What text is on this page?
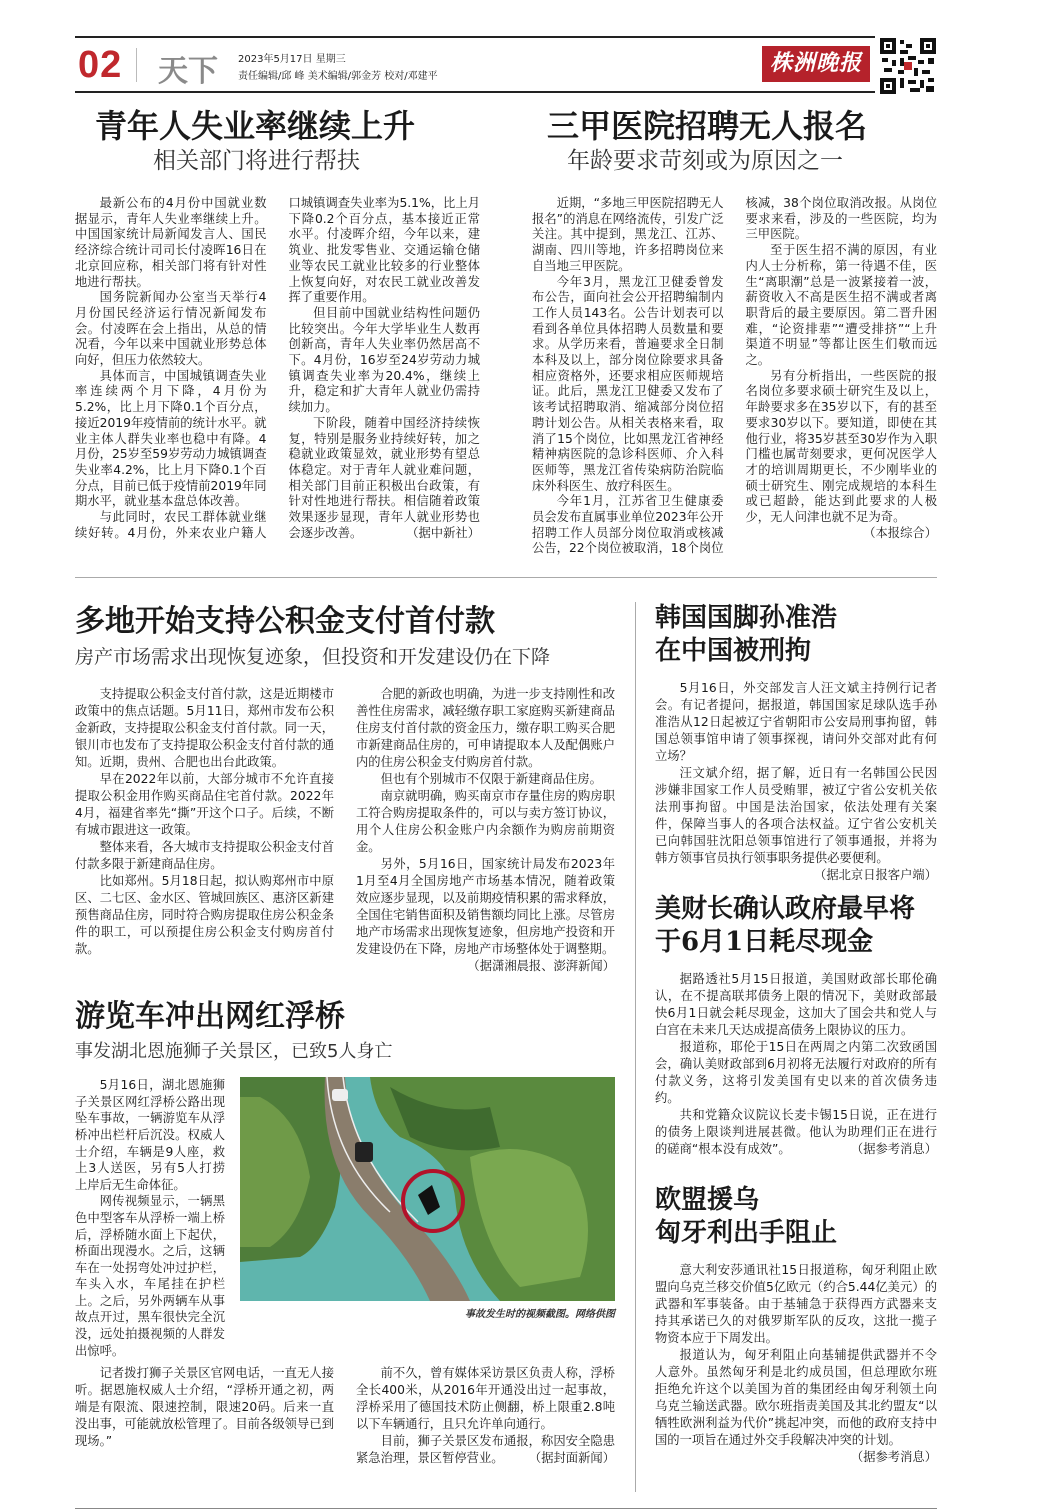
02 天下 2023年5月17日 星期三
责任编辑/邱 峰 美术编辑/郭金芳 校对/邓建平
株洲晚报
青年人失业率继续上升
相关部门将进行帮扶

最新公布的4月份中国就业数据显示，青年人失业率继续上升。中国国家统计局新闻发言人、国民经济综合统计司司长付凌晖16日在北京回应称，相关部门将有针对性地进行帮扶。

国务院新闻办公室当天举行4月份国民经济运行情况新闻发布会。付凌晖在会上指出，从总的情况看，今年以来中国就业形势总体向好，但压力依然较大。

具体而言，中国城镇调查失业率连续两个月下降，4月份为5.2%，比上月下降0.1个百分点，接近2019年疫情前的统计水平。就业主体人群失业率也稳中有降。4月份，25岁至59岁劳动力城镇调查失业率4.2%，比上月下降0.1个百分点，目前已低于疫情前2019年同期水平，就业基本盘总体改善。

与此同时，农民工群体就业继续好转。4月份，外来农业户籍人口城镇调查失业率为5.1%，比上月下降0.2个百分点，基本接近正常水平。付凌晖介绍，今年以来，建筑业、批发零售业、交通运输仓储业等农民工就业比较多的行业整体上恢复向好，对农民工就业改善发挥了重要作用。

但目前中国就业结构性问题仍比较突出。今年大学毕业生人数再创新高，青年人失业率仍然居高不下。4月份，16岁至24岁劳动力城镇调查失业率为20.4%，继续上升，稳定和扩大青年人就业仍需持续加力。

下阶段，随着中国经济持续恢复，特别是服务业持续好转，加之稳就业政策显效，就业形势有望总体稳定。对于青年人就业难问题，相关部门目前正积极出台政策，有针对性地进行帮扶。相信随着政策效果逐步显现，青年人就业形势也会逐步改善。	（据中新社）

三甲医院招聘无人报名
年龄要求苛刻或为原因之一

近期，“多地三甲医院招聘无人报名”的消息在网络流传，引发广泛关注。其中提到，黑龙江、江苏、湖南、四川等地，许多招聘岗位来自当地三甲医院。

今年3月，黑龙江卫健委曾发布公告，面向社会公开招聘编制内工作人员143名。公告计划表可以看到各单位具体招聘人员数量和要求。从学历来看，普遍要求全日制本科及以上，部分岗位除要求具备相应资格外，还要求相应医师规培证。此后，黑龙江卫健委又发布了该考试招聘取消、缩减部分岗位招聘计划公告。从相关表格来看，取消了15个岗位，比如黑龙江省神经精神病医院的急诊科医师、介入科医师等，黑龙江省传染病防治院临床外科医生、放疗科医生。

今年1月，江苏省卫生健康委员会发布直属事业单位2023年公开招聘工作人员部分岗位取消或核减公告，22个岗位被取消，18个岗位核减，38个岗位取消改报。从岗位要求来看，涉及的一些医院，均为三甲医院。

至于医生招不满的原因，有业内人士分析称，第一待遇不佳，医生“离职潮”总是一波紧接着一波，薪资收入不高是医生招不满或者离职背后的最主要原因。第二晋升困难，“论资排辈”“遭受排挤”“上升渠道不明显”等都让医生们敬而远之。

另有分析指出，一些医院的报名岗位多要求硕士研究生及以上，年龄要求多在35岁以下，有的甚至要求30岁以下。要知道，即使在其他行业，将35岁甚至30岁作为入职门槛也属苛刻要求，更何况医学人才的培训周期更长，不少刚毕业的硕士研究生、刚完成规培的本科生或已超龄，能达到此要求的人极少，无人问津也就不足为奇。
（本报综合）

多地开始支持公积金支付首付款
房产市场需求出现恢复迹象，但投资和开发建设仍在下降

支持提取公积金支付首付款，这是近期楼市政策中的焦点话题。5月11日，郑州市发布公积金新政，支持提取公积金支付首付款。同一天，银川市也发布了支持提取公积金支付首付款的通知。近期，贵州、合肥也出台此政策。

早在2022年以前，大部分城市不允许直接提取公积金用作购买商品住宅首付款。2022年4月，福建省率先“撕”开这个口子。后续，不断有城市跟进这一政策。

整体来看，各大城市支持提取公积金支付首付款多限于新建商品住房。

比如郑州。5月18日起，拟认购郑州市中原区、二七区、金水区、管城回族区、惠济区新建预售商品住房，同时符合购房提取住房公积金条件的职工，可以预提住房公积金支付购房首付款。

合肥的新政也明确，为进一步支持刚性和改善性住房需求，减轻缴存职工家庭购买新建商品住房支付首付款的资金压力，缴存职工购买合肥市新建商品住房的，可申请提取本人及配偶账户内的住房公积金支付购房首付款。

但也有个别城市不仅限于新建商品住房。

南京就明确，购买南京市存量住房的购房职工符合购房提取条件的，可以与卖方签订协议，用个人住房公积金账户内余额作为购房前期资金。

另外，5月16日，国家统计局发布2023年1月至4月全国房地产市场基本情况，随着政策效应逐步显现，以及前期疫情积累的需求释放，全国住宅销售面积及销售额均同比上涨。尽管房地产市场需求出现恢复迹象，但房地产投资和开发建设仍在下降，房地产市场整体处于调整期。

（据潇湘晨报、澎湃新闻）

游览车冲出网红浮桥
事发湖北恩施狮子关景区，已致5人身亡

5月16日，湖北恩施狮子关景区网红浮桥公路出现坠车事故，一辆游览车从浮桥冲出栏杆后沉没。权威人士介绍，车辆是9人座，救上3人送医，另有5人打捞上岸后无生命体征。

网传视频显示，一辆黑色中型客车从浮桥一端上桥后，浮桥随水面上下起伏，桥面出现漫水。之后，这辆车在一处拐弯处冲过护栏，车头入水，车尾挂在护栏上。之后，另外两辆车从事故点开过，黑车很快完全沉没，远处拍摄视频的人群发出惊呼。

事故发生时的视频截图。网络供图

记者拨打狮子关景区官网电话，一直无人接听。据恩施权威人士介绍，“浮桥开通之初，两端是有限流、限速控制，限速20码。后来一直没出事，可能就放松管理了。目前各级领导已到现场。”

前不久，曾有媒体采访景区负责人称，浮桥全长400米，从2016年开通没出过一起事故，浮桥采用了德国技术防止侧翻，桥上限重2.8吨以下车辆通行，且只允许单向通行。

目前，狮子关景区发布通报，称因安全隐患紧急治理，景区暂停营业。	（据封面新闻）

韩国国脚孙准浩
在中国被刑拘

5月16日，外交部发言人汪文斌主持例行记者会。有记者提问，据报道，韩国国家足球队选手孙准浩从12日起被辽宁省朝阳市公安局刑事拘留，韩国总领事馆申请了领事探视，请问外交部对此有何立场？

汪文斌介绍，据了解，近日有一名韩国公民因涉嫌非国家工作人员受贿罪，被辽宁省公安机关依法刑事拘留。中国是法治国家，依法处理有关案件，保障当事人的各项合法权益。辽宁省公安机关已向韩国驻沈阳总领事馆进行了领事通报，并将为韩方领事官员执行领事职务提供必要便利。
（据北京日报客户端）

美财长确认政府最早将
于6月1日耗尽现金

据路透社5月15日报道，美国财政部长耶伦确认，在不提高联邦债务上限的情况下，美财政部最快6月1日就会耗尽现金，这加大了国会共和党人与白宫在未来几天达成提高债务上限协议的压力。

报道称，耶伦于15日在两周之内第二次致函国会，确认美财政部到6月初将无法履行对政府的所有付款义务，这将引发美国有史以来的首次债务违约。

共和党籍众议院议长麦卡锡15日说，正在进行的债务上限谈判进展甚微。他认为助理们正在进行的磋商“根本没有成效”。	（据参考消息）

欧盟援乌
匈牙利出手阻止

意大利安莎通讯社15日报道称，匈牙利阻止欧盟向乌克兰移交价值5亿欧元（约合5.44亿美元）的武器和军事装备。由于基辅急于获得西方武器来支持其承诺已久的对俄罗斯军队的反攻，这批一揽子物资本应于下周发出。

报道认为，匈牙利阻止向基辅提供武器并不令人意外。虽然匈牙利是北约成员国，但总理欧尔班拒绝允许这个以美国为首的集团经由匈牙利领土向乌克兰输送武器。欧尔班指责美国及其北约盟友“以牺牲欧洲利益为代价”挑起冲突，而他的政府支持中国的一项旨在通过外交手段解决冲突的计划。

（据参考消息）
